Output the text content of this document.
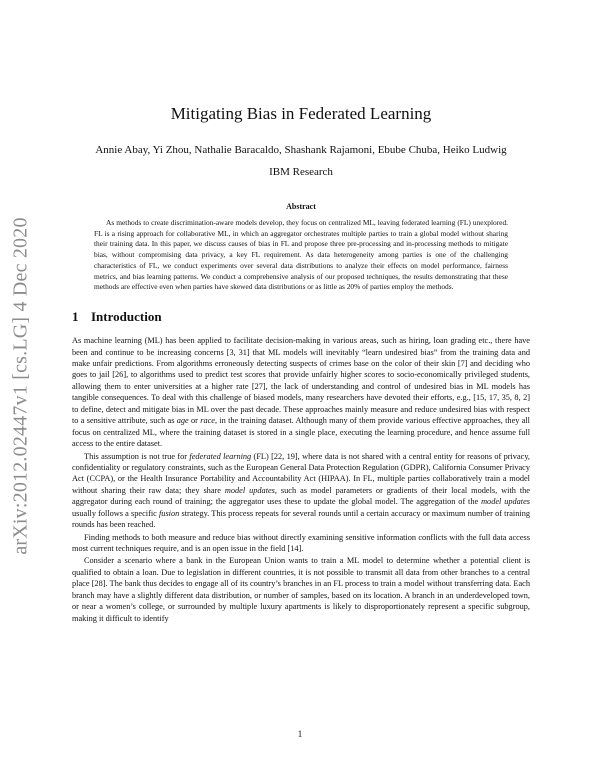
arXiv:2012.02447v1 [cs.LG] 4 Dec 2020
Mitigating Bias in Federated Learning

Annie Abay, Yi Zhou, Nathalie Baracaldo, Shashank Rajamoni, Ebube Chuba, Heiko Ludwig

IBM Research

Abstract

As methods to create discrimination-aware models develop, they focus on centralized ML, leaving federated learning (FL) unexplored. FL is a rising approach for collaborative ML, in which an aggregator orchestrates multiple parties to train a global model without sharing their training data. In this paper, we discuss causes of bias in FL and propose three pre-processing and in-processing methods to mitigate bias, without compromising data privacy, a key FL requirement. As data heterogeneity among parties is one of the challenging characteristics of FL, we conduct experiments over several data distributions to analyze their effects on model performance, fairness metrics, and bias learning patterns. We conduct a comprehensive analysis of our proposed techniques, the results demonstrating that these methods are effective even when parties have skewed data distributions or as little as 20% of parties employ the methods.

1 Introduction

As machine learning (ML) has been applied to facilitate decision-making in various areas, such as hiring, loan grading etc., there have been and continue to be increasing concerns [3, 31] that ML models will inevitably “learn undesired bias” from the training data and make unfair predictions. From algorithms erroneously detecting suspects of crimes base on the color of their skin [7] and deciding who goes to jail [26], to algorithms used to predict test scores that provide unfairly higher scores to socio-economically privileged students, allowing them to enter universities at a higher rate [27], the lack of understanding and control of undesired bias in ML models has tangible consequences. To deal with this challenge of biased models, many researchers have devoted their efforts, e.g., [15, 17, 35, 8, 2] to define, detect and mitigate bias in ML over the past decade. These approaches mainly measure and reduce undesired bias with respect to a sensitive attribute, such as age or race, in the training dataset. Although many of them provide various effective approaches, they all focus on centralized ML, where the training dataset is stored in a single place, executing the learning procedure, and hence assume full access to the entire dataset.

This assumption is not true for federated learning (FL) [22, 19], where data is not shared with a central entity for reasons of privacy, confidentiality or regulatory constraints, such as the European General Data Protection Regulation (GDPR), California Consumer Privacy Act (CCPA), or the Health Insurance Portability and Accountability Act (HIPAA). In FL, multiple parties collaboratively train a model without sharing their raw data; they share model updates, such as model parameters or gradients of their local models, with the aggregator during each round of training; the aggregator uses these to update the global model. The aggregation of the model updates usually follows a specific fusion strategy. This process repeats for several rounds until a certain accuracy or maximum number of training rounds has been reached.

Finding methods to both measure and reduce bias without directly examining sensitive information conflicts with the full data access most current techniques require, and is an open issue in the field [14].

Consider a scenario where a bank in the European Union wants to train a ML model to determine whether a potential client is qualified to obtain a loan. Due to legislation in different countries, it is not possible to transmit all data from other branches to a central place [28]. The bank thus decides to engage all of its country’s branches in an FL process to train a model without transferring data. Each branch may have a slightly different data distribution, or number of samples, based on its location. A branch in an underdeveloped town, or near a women’s college, or surrounded by multiple luxury apartments is likely to disproportionately represent a specific subgroup, making it difficult to identify

1
